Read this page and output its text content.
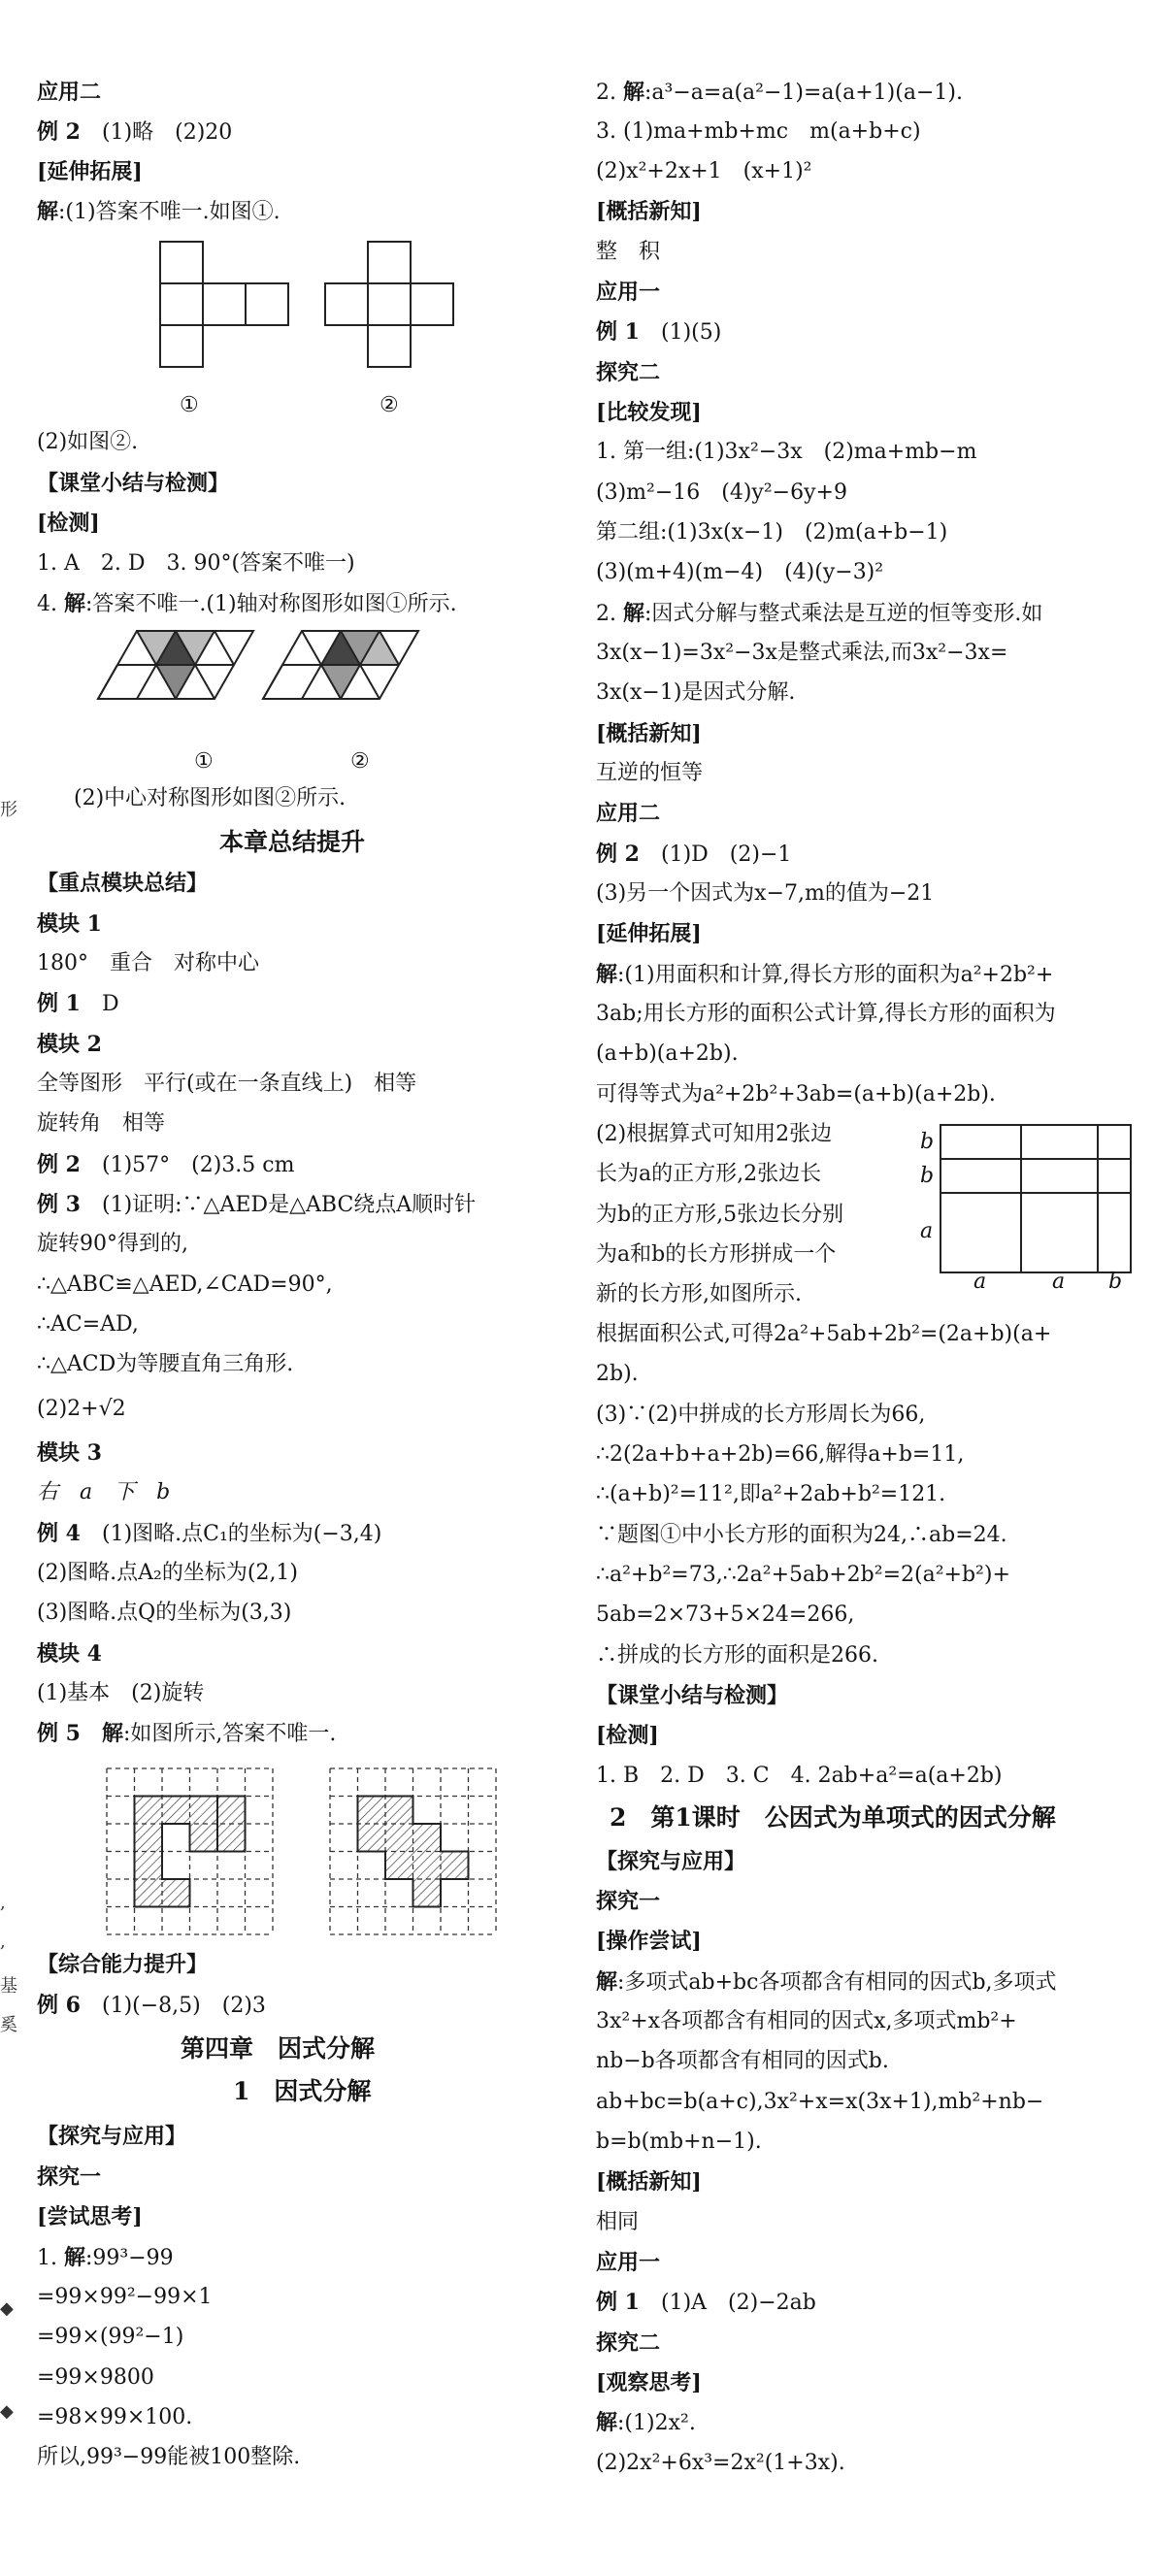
形
,
,
基
奚
◆
◆
应用二
例 2　 (1)略　(2)20
[延伸拓展]
解:(1)答案不唯一.如图①.
①	②
(2)如图②.
【课堂小结与检测】
[检测]
1. A　2. D　3. 90°(答案不唯一)
4. 解:答案不唯一.(1)轴对称图形如图①所示.
①	②
(2)中心对称图形如图②所示.
本章总结提升
【重点模块总结】
模块 1
180°　重合　对称中心
例 1　 D
模块 2
全等图形　平行(或在一条直线上)　相等
旋转角　相等
例 2　 (1)57°　(2)3.5 cm
例 3　 (1)证明:∵△AED是△ABC绕点A顺时针
旋转90°得到的,
∴△ABC≌△AED,∠CAD=90°,
∴AC=AD,
∴△ACD为等腰直角三角形.
(2)2+√2
模块 3
右　a　下　b
例 4　 (1)图略.点C₁的坐标为(−3,4)
(2)图略.点A₂的坐标为(2,1)
(3)图略.点Q的坐标为(3,3)
模块 4
(1)基本　(2)旋转
例 5　 解:如图所示,答案不唯一.
【综合能力提升】
例 6　 (1)(−8,5)　(2)3
第四章　因式分解
1　因式分解
【探究与应用】
探究一
[尝试思考]
1. 解:99³−99
=99×99²−99×1
=99×(99²−1)
=99×9800
=98×99×100.
所以,99³−99能被100整除.
2. 解:a³−a=a(a²−1)=a(a+1)(a−1).
3. (1)ma+mb+mc　m(a+b+c)
(2)x²+2x+1　(x+1)²
[概括新知]
整　积
应用一
例 1　 (1)(5)
探究二
[比较发现]
1. 第一组:(1)3x²−3x　(2)ma+mb−m
(3)m²−16　(4)y²−6y+9
第二组:(1)3x(x−1)　(2)m(a+b−1)
(3)(m+4)(m−4)　(4)(y−3)²
2. 解:因式分解与整式乘法是互逆的恒等变形.如
3x(x−1)=3x²−3x是整式乘法,而3x²−3x=
3x(x−1)是因式分解.
[概括新知]
互逆的恒等
应用二
例 2　 (1)D　(2)−1
(3)另一个因式为x−7,m的值为−21
[延伸拓展]
解:(1)用面积和计算,得长方形的面积为a²+2b²+
3ab;用长方形的面积公式计算,得长方形的面积为
(a+b)(a+2b).
可得等式为a²+2b²+3ab=(a+b)(a+2b).
(2)根据算式可知用2张边
长为a的正方形,2张边长
为b的正方形,5张边长分别
为a和b的长方形拼成一个
新的长方形,如图所示.
b
b
a
a	a b
根据面积公式,可得2a²+5ab+2b²=(2a+b)(a+
2b).
(3)∵(2)中拼成的长方形周长为66,
∴2(2a+b+a+2b)=66,解得a+b=11,
∴(a+b)²=11²,即a²+2ab+b²=121.
∵题图①中小长方形的面积为24,∴ab=24.
∴a²+b²=73,∴2a²+5ab+2b²=2(a²+b²)+
5ab=2×73+5×24=266,
∴拼成的长方形的面积是266.
【课堂小结与检测】
[检测]
1. B　2. D　3. C　4. 2ab+a²=a(a+2b)
2　第1课时　公因式为单项式的因式分解
【探究与应用】
探究一
[操作尝试]
解:多项式ab+bc各项都含有相同的因式b,多项式
3x²+x各项都含有相同的因式x,多项式mb²+
nb−b各项都含有相同的因式b.
ab+bc=b(a+c),3x²+x=x(3x+1),mb²+nb−
b=b(mb+n−1).
[概括新知]
相同
应用一
例 1　 (1)A　(2)−2ab
探究二
[观察思考]
解:(1)2x².
(2)2x²+6x³=2x²(1+3x).
